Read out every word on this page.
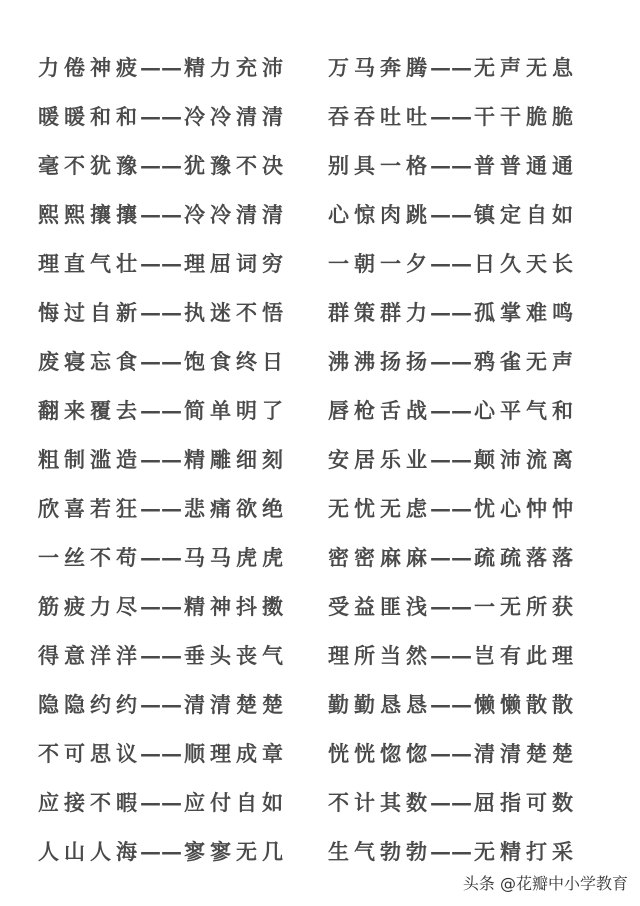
力倦神疲
—— 精力充沛 万马奔腾
—— 无声无息
暖暖和和
—— 冷冷清清 吞吞吐吐
—— 干干脆脆
毫不犹豫
—— 犹豫不决 别具一格
—— 普普通通
熙熙攘攘
—— 冷冷清清 心惊肉跳
—— 镇定自如
理直气壮
—— 理屈词穷 一朝一夕
—— 日久天长
悔过自新
—— 执迷不悟 群策群力
—— 孤掌难鸣
废寝忘食
—— 饱食终日 沸沸扬扬
—— 鸦雀无声
翻来覆去
—— 简单明了 唇枪舌战
—— 心平气和
粗制滥造
—— 精雕细刻 安居乐业
—— 颠沛流离
欣喜若狂
—— 悲痛欲绝 无忧无虑
—— 忧心忡忡
一丝不苟
—— 马马虎虎 密密麻麻
—— 疏疏落落
筋疲力尽
—— 精神抖擞 受益匪浅
—— 一无所获
得意洋洋
—— 垂头丧气 理所当然
—— 岂有此理
隐隐约约
—— 清清楚楚 勤勤恳恳
—— 懒懒散散
不可思议
—— 顺理成章 恍恍惚惚
—— 清清楚楚
应接不暇
—— 应付自如 不计其数
—— 屈指可数
人山人海
—— 寥寥无几 生气勃勃
—— 无精打采
头条 @花瓣中小学教育
